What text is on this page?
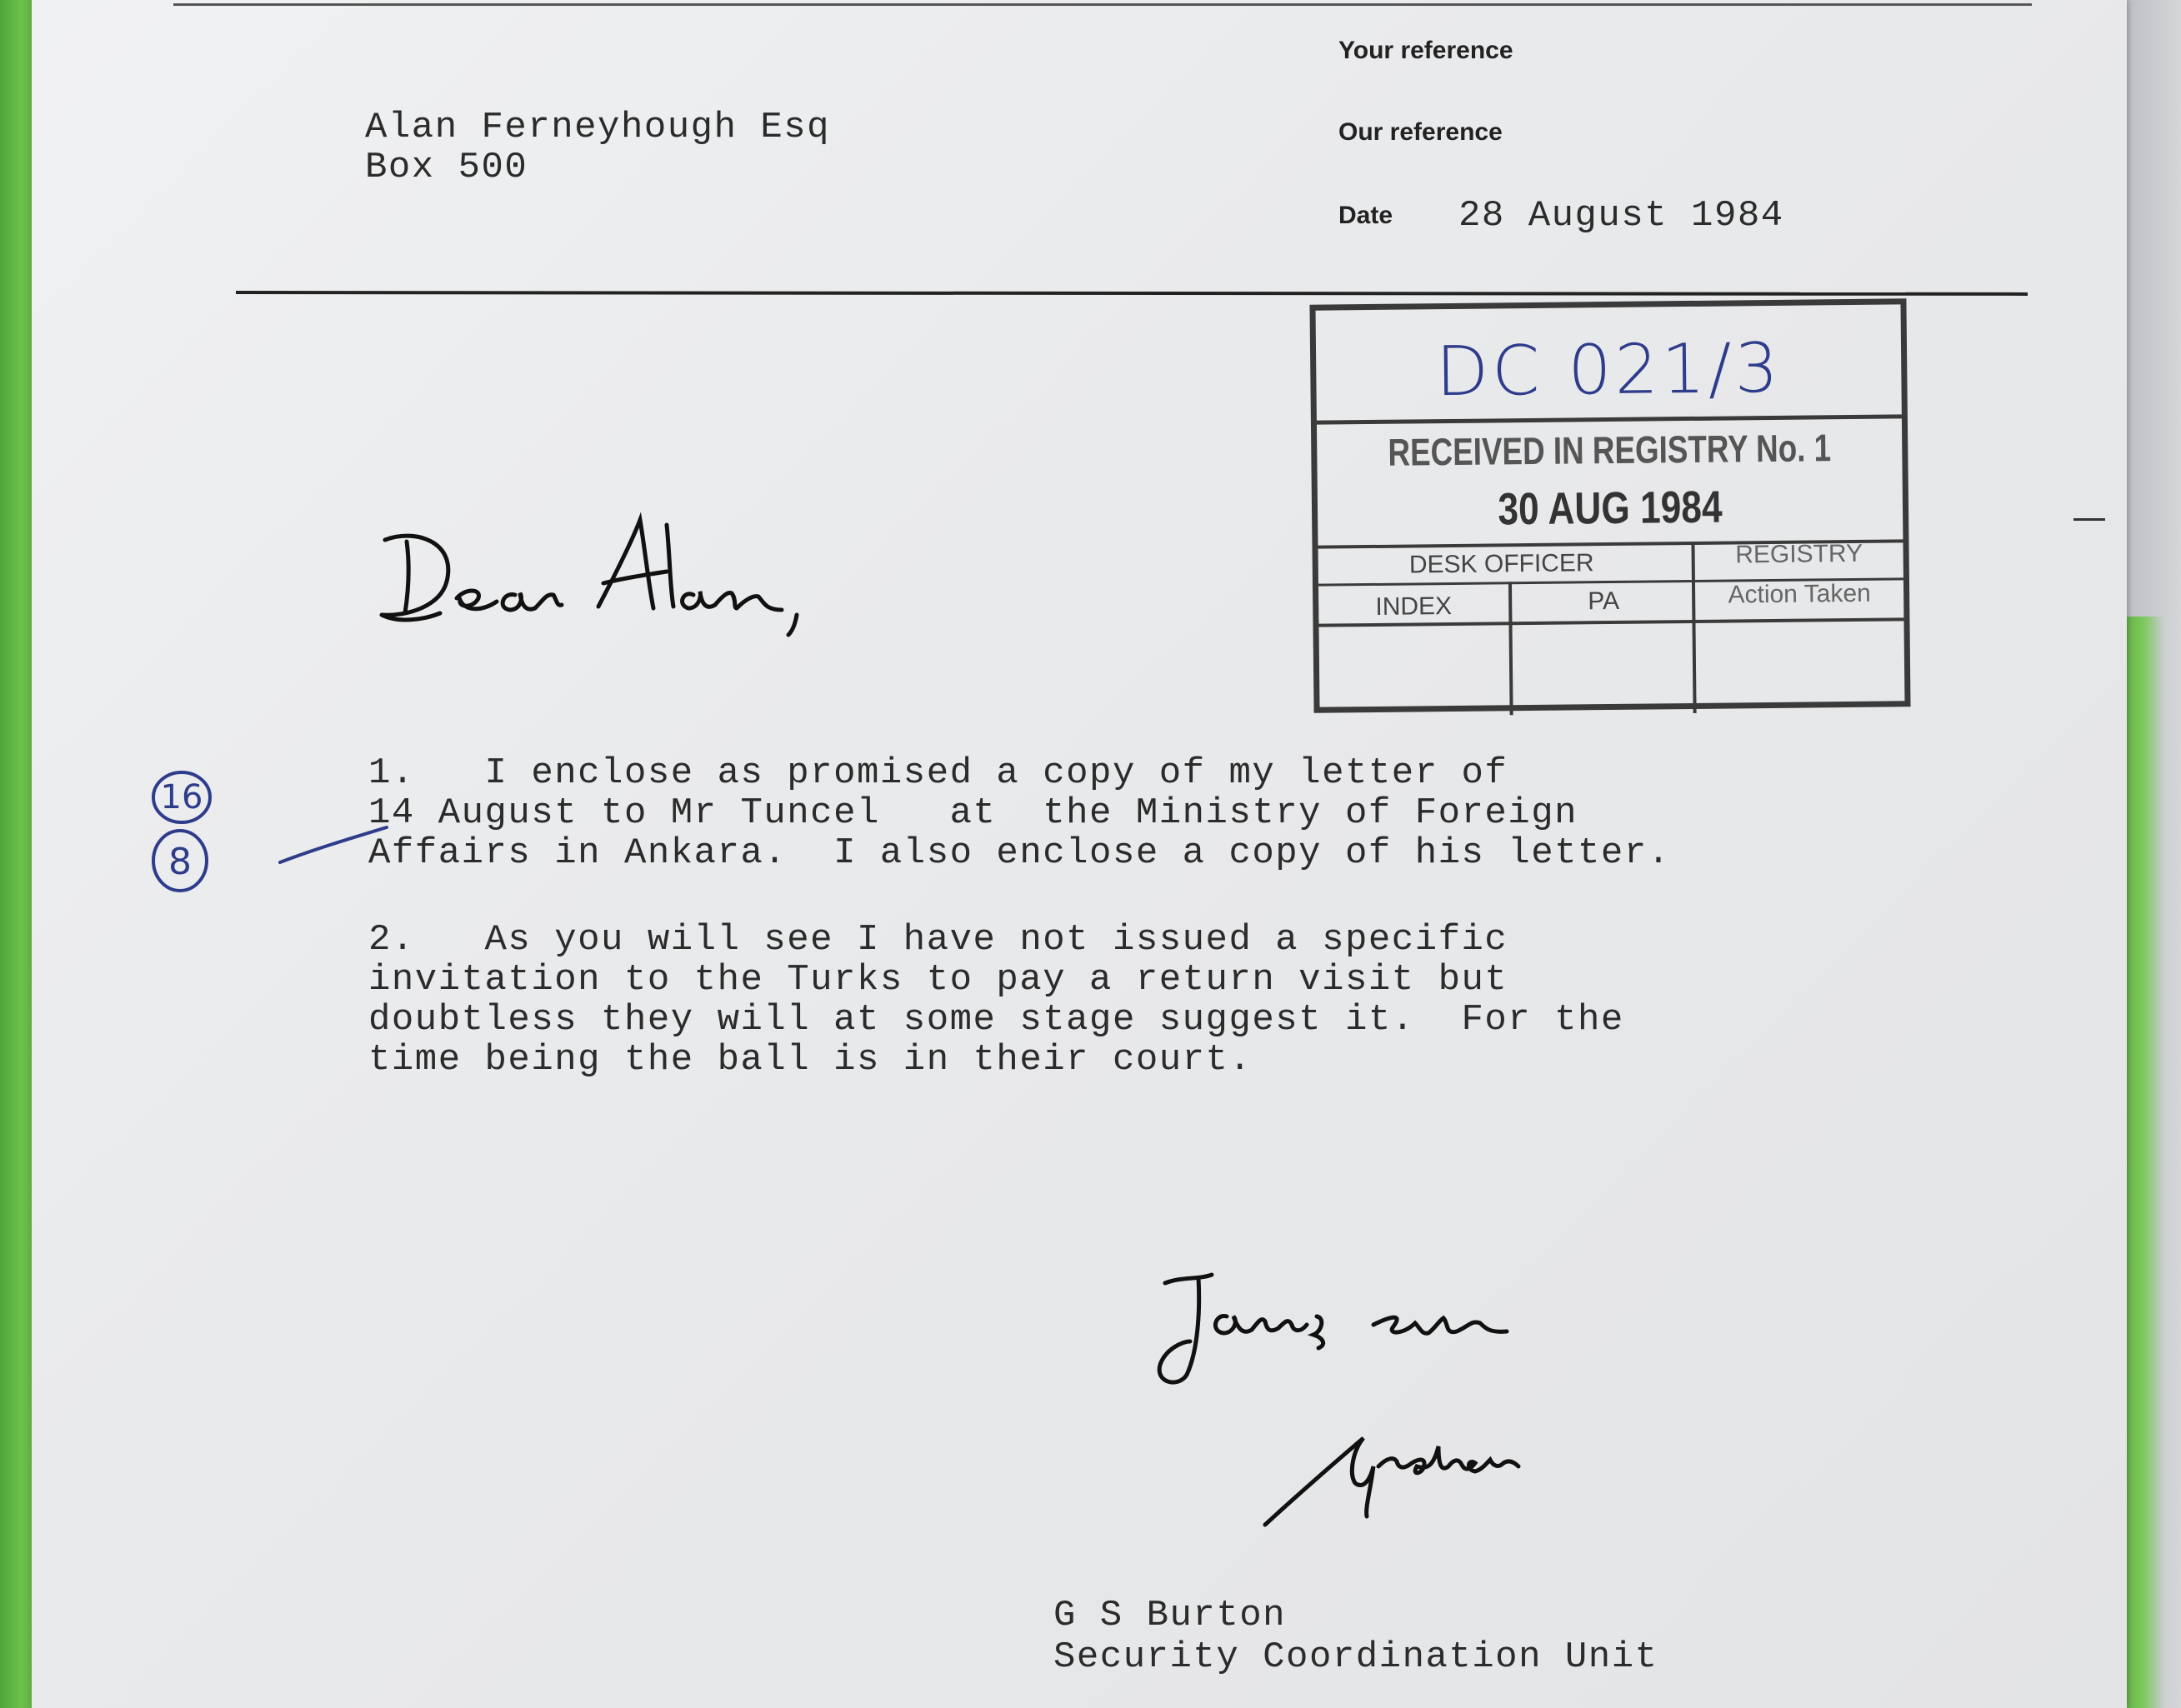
Alan Ferneyhough Esq
Box 500
Your reference
Our reference
Date 28 August 1984
DC 021/3
RECEIVED IN REGISTRY No. 1
30 AUG 1984
DESK OFFICER	REGISTRY
INDEX	PA	Action Taken
Dear Alan,
16
8
1.   I enclose as promised a copy of my letter of
14 August to Mr Tuncel   at  the Ministry of Foreign
Affairs in Ankara.  I also enclose a copy of his letter.
2.   As you will see I have not issued a specific
invitation to the Turks to pay a return visit but
doubtless they will at some stage suggest it.  For the
time being the ball is in their court.
Yours ever
Graham
G S Burton
Security Coordination Unit
